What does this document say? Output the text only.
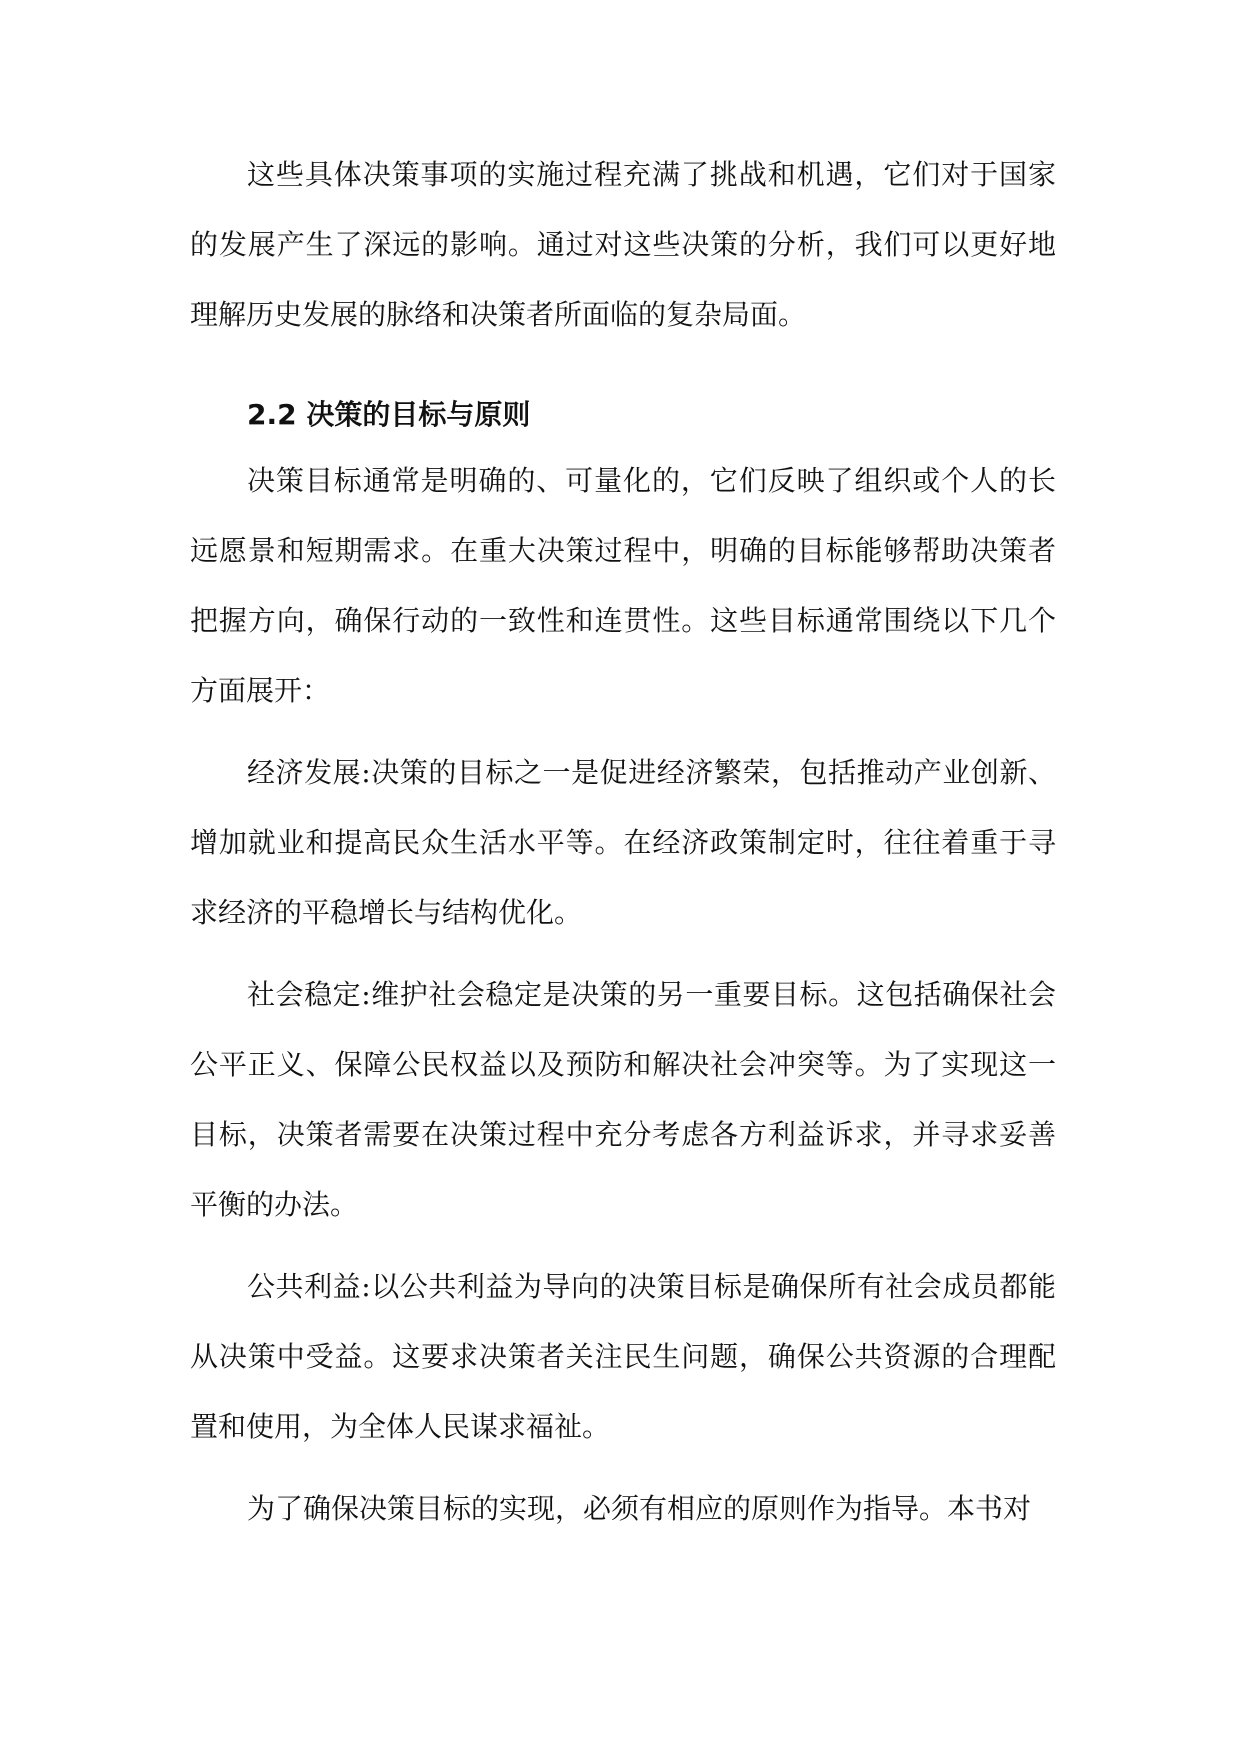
这些具体决策事项的实施过程充满了挑战和机遇，它们对于国家的发展产生了深远的影响。通过对这些决策的分析，我们可以更好地理解历史发展的脉络和决策者所面临的复杂局面。

2.2 决策的目标与原则

决策目标通常是明确的、可量化的，它们反映了组织或个人的长远愿景和短期需求。在重大决策过程中，明确的目标能够帮助决策者把握方向，确保行动的一致性和连贯性。这些目标通常围绕以下几个方面展开：

经济发展:决策的目标之一是促进经济繁荣，包括推动产业创新、增加就业和提高民众生活水平等。在经济政策制定时，往往着重于寻求经济的平稳增长与结构优化。

社会稳定:维护社会稳定是决策的另一重要目标。这包括确保社会公平正义、保障公民权益以及预防和解决社会冲突等。为了实现这一目标，决策者需要在决策过程中充分考虑各方利益诉求，并寻求妥善平衡的办法。

公共利益:以公共利益为导向的决策目标是确保所有社会成员都能从决策中受益。这要求决策者关注民生问题，确保公共资源的合理配置和使用，为全体人民谋求福祉。

为了确保决策目标的实现，必须有相应的原则作为指导。本书对
